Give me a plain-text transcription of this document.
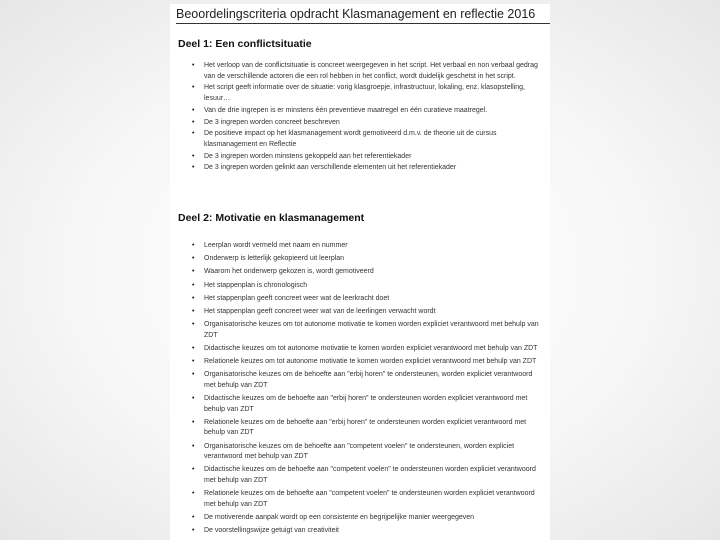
Beoordelingscriteria opdracht Klasmanagement en reflectie 2016
Deel 1: Een conflictsituatie
• Het verloop van de conflictsituatie is concreet weergegeven in het script. Het verbaal en non verbaal gedrag van de verschillende actoren die een rol hebben in het conflict, wordt duidelijk geschetst in het script.
• Het script geeft informatie over de situatie: vorig klasgroepje, infrastructuur, lokaling, enz. klasopstelling, lesuur…
• Van de drie ingrepen is er minstens één preventieve maatregel en één curatieve maatregel.
• De 3 ingrepen worden concreet beschreven
• De positieve impact op het klasmanagement wordt gemotiveerd d.m.v. de theorie uit de cursus klasmanagement en Reflectie
• De 3 ingrepen worden minstens gekoppeld aan het referentiekader
• De 3 ingrepen worden gelinkt aan verschillende elementen uit het referentiekader
Deel 2: Motivatie en klasmanagement
• Leerplan wordt vermeld met naam en nummer
• Onderwerp is letterlijk gekopieerd uit leerplan
• Waarom het onderwerp gekozen is, wordt gemotiveerd
• Het stappenplan is chronologisch
• Het stappenplan geeft concreet weer wat de leerkracht doet
• Het stappenplan geeft concreet weer wat van de leerlingen verwacht wordt
• Organisatorische keuzes om tot autonome motivatie te komen worden expliciet verantwoord met behulp van ZDT
• Didactische keuzes om tot autonome motivatie te komen worden expliciet verantwoord met behulp van ZDT
• Relationele keuzes om tot autonome motivatie te komen worden expliciet verantwoord met behulp van ZDT
• Organisatorische keuzes om de behoefte aan "erbij horen" te ondersteunen, worden expliciet verantwoord met behulp van ZDT
• Didactische keuzes om de behoefte aan "erbij horen" te ondersteunen worden expliciet verantwoord met behulp van ZDT
• Relationele keuzes om de behoefte aan "erbij horen" te ondersteunen worden expliciet verantwoord met behulp van ZDT
• Organisatorische keuzes om de behoefte aan "competent voelen" te ondersteunen, worden expliciet verantwoord met behulp van ZDT
• Didactische keuzes om de behoefte aan "competent voelen" te ondersteunen worden expliciet verantwoord met behulp van ZDT
• Relationele keuzes om de behoefte aan "competent voelen" te ondersteunen worden expliciet verantwoord met behulp van ZDT
• De motiverende aanpak wordt op een consistente en begrijpelijke manier weergegeven
• De voorstellingswijze getuigt van creativiteit
